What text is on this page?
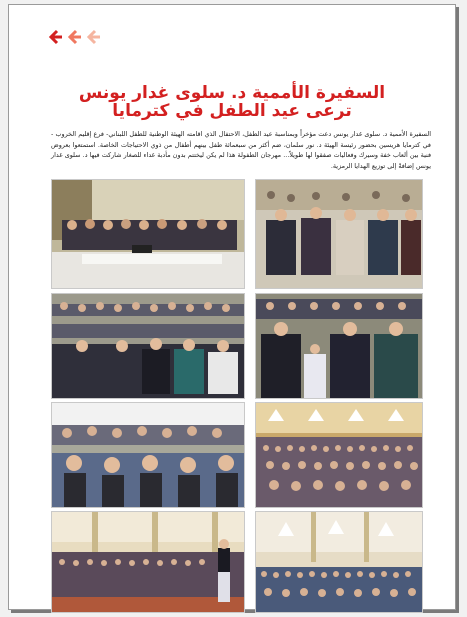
السفيرة الأممية د. سلوى غدار يونس
ترعى عيد الطفل في كترمايا
السفيرة الأممية د. سلوى غدار يونس دعت مؤخراً وبمناسبة عيد الطفل، الاحتفال الذي اقامته الهيئة الوطنية للطفل اللبناني- فرع إقليم الخروب - في كترمايا هريسين بحضور رئيسة الهيئة د. نور سلمان، ضم أكثر من سبعمائة طفل بينهم أطفال من ذوي الاحتياجات الخاصة. استمتعوا بعروض فنية بين ألعاب خفة وسيرك وفعاليات صفقوا لها طويلاً... مهرجان الطفولة هذا لم يكن ليختتم بدون مأدبة غداء للصغار شاركت فيها د. سلوى غدار يونس إضافةً إلى توزيع الهدايا الرمزية.
